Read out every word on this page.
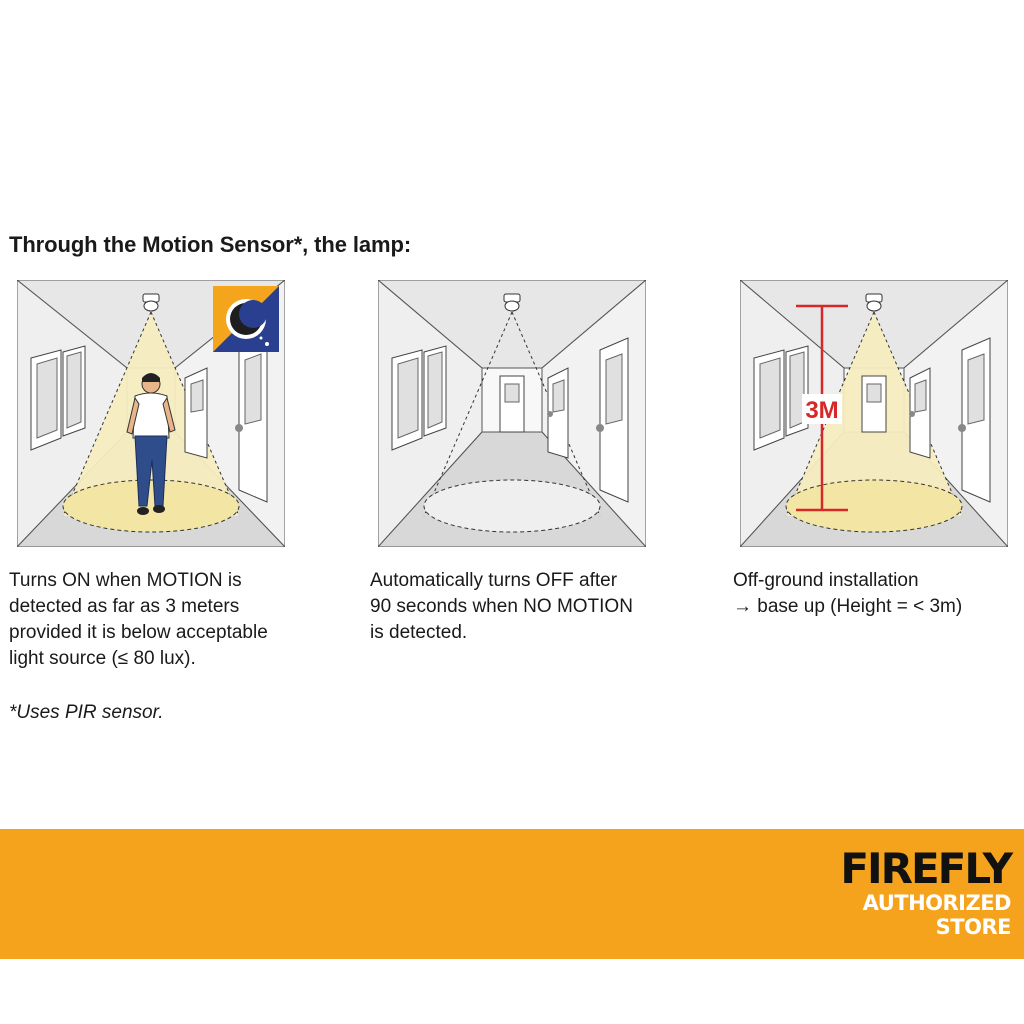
Through the Motion Sensor*, the lamp:
3M
Turns ON when MOTION is
detected as far as 3 meters
provided it is below acceptable
light source (≤ 80 lux).
Automatically turns OFF after
90 seconds when NO MOTION
is detected.
Off-ground installation
→ base up (Height = < 3m)
*Uses PIR sensor.
FIREFLY
AUTHORIZED
STORE
